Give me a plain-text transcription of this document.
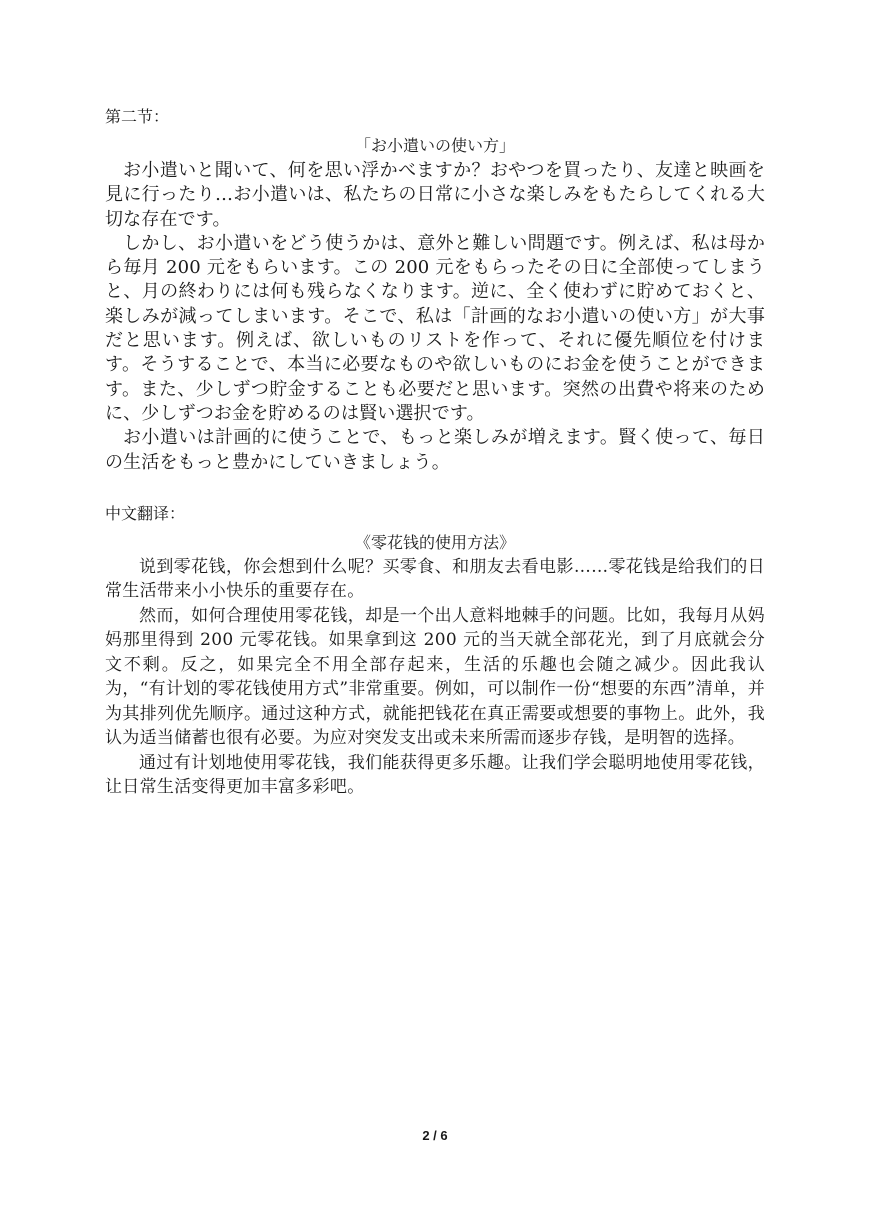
第二节：

「お小遣いの使い方」

お小遣いと聞いて、何を思い浮かべますか？おやつを買ったり、友達と映画を見に行ったり…お小遣いは、私たちの日常に小さな楽しみをもたらしてくれる大切な存在です。

しかし、お小遣いをどう使うかは、意外と難しい問題です。例えば、私は母から毎月 200 元をもらいます。この 200 元をもらったその日に全部使ってしまうと、月の終わりには何も残らなくなります。逆に、全く使わずに貯めておくと、楽しみが減ってしまいます。そこで、私は「計画的なお小遣いの使い方」が大事だと思います。例えば、欲しいものリストを作って、それに優先順位を付けます。そうすることで、本当に必要なものや欲しいものにお金を使うことができます。また、少しずつ貯金することも必要だと思います。突然の出費や将来のために、少しずつお金を貯めるのは賢い選択です。

お小遣いは計画的に使うことで、もっと楽しみが増えます。賢く使って、毎日の生活をもっと豊かにしていきましょう。

中文翻译：

《零花钱的使用方法》

说到零花钱，你会想到什么呢？买零食、和朋友去看电影……零花钱是给我们的日常生活带来小小快乐的重要存在。

然而，如何合理使用零花钱，却是一个出人意料地棘手的问题。比如，我每月从妈妈那里得到 200 元零花钱。如果拿到这 200 元的当天就全部花光，到了月底就会分文不剩。反之，如果完全不用全部存起来，生活的乐趣也会随之减少。因此我认为，“有计划的零花钱使用方式”非常重要。例如，可以制作一份“想要的东西”清单，并为其排列优先顺序。通过这种方式，就能把钱花在真正需要或想要的事物上。此外，我认为适当储蓄也很有必要。为应对突发支出或未来所需而逐步存钱，是明智的选择。

通过有计划地使用零花钱，我们能获得更多乐趣。让我们学会聪明地使用零花钱，让日常生活变得更加丰富多彩吧。

2 / 6
